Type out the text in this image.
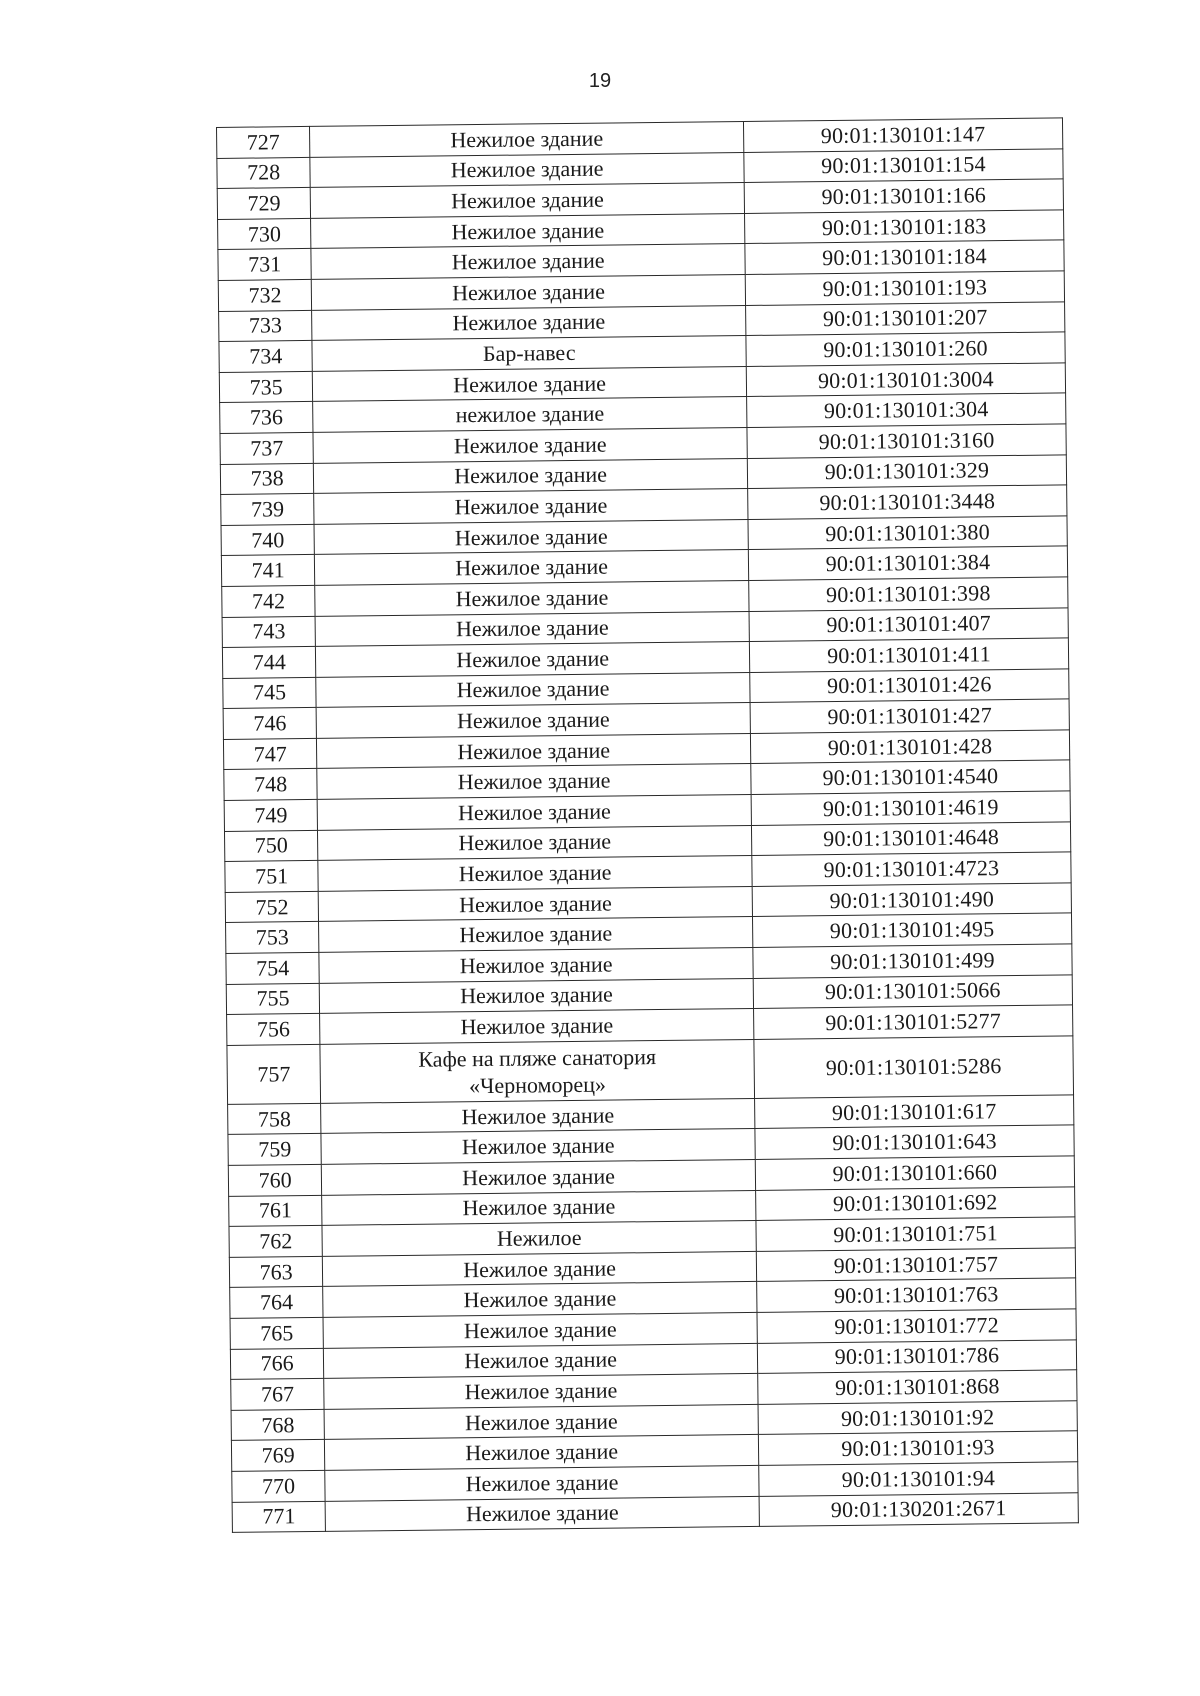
19
727	Нежилое здание	90:01:130101:147
728	Нежилое здание	90:01:130101:154
729	Нежилое здание	90:01:130101:166
730	Нежилое здание	90:01:130101:183
731	Нежилое здание	90:01:130101:184
732	Нежилое здание	90:01:130101:193
733	Нежилое здание	90:01:130101:207
734	Бар-навес	90:01:130101:260
735	Нежилое здание	90:01:130101:3004
736	нежилое здание	90:01:130101:304
737	Нежилое здание	90:01:130101:3160
738	Нежилое здание	90:01:130101:329
739	Нежилое здание	90:01:130101:3448
740	Нежилое здание	90:01:130101:380
741	Нежилое здание	90:01:130101:384
742	Нежилое здание	90:01:130101:398
743	Нежилое здание	90:01:130101:407
744	Нежилое здание	90:01:130101:411
745	Нежилое здание	90:01:130101:426
746	Нежилое здание	90:01:130101:427
747	Нежилое здание	90:01:130101:428
748	Нежилое здание	90:01:130101:4540
749	Нежилое здание	90:01:130101:4619
750	Нежилое здание	90:01:130101:4648
751	Нежилое здание	90:01:130101:4723
752	Нежилое здание	90:01:130101:490
753	Нежилое здание	90:01:130101:495
754	Нежилое здание	90:01:130101:499
755	Нежилое здание	90:01:130101:5066
756	Нежилое здание	90:01:130101:5277
757	Кафе на пляже санатория «Черноморец»	90:01:130101:5286
758	Нежилое здание	90:01:130101:617
759	Нежилое здание	90:01:130101:643
760	Нежилое здание	90:01:130101:660
761	Нежилое здание	90:01:130101:692
762	Нежилое	90:01:130101:751
763	Нежилое здание	90:01:130101:757
764	Нежилое здание	90:01:130101:763
765	Нежилое здание	90:01:130101:772
766	Нежилое здание	90:01:130101:786
767	Нежилое здание	90:01:130101:868
768	Нежилое здание	90:01:130101:92
769	Нежилое здание	90:01:130101:93
770	Нежилое здание	90:01:130101:94
771	Нежилое здание	90:01:130201:2671
